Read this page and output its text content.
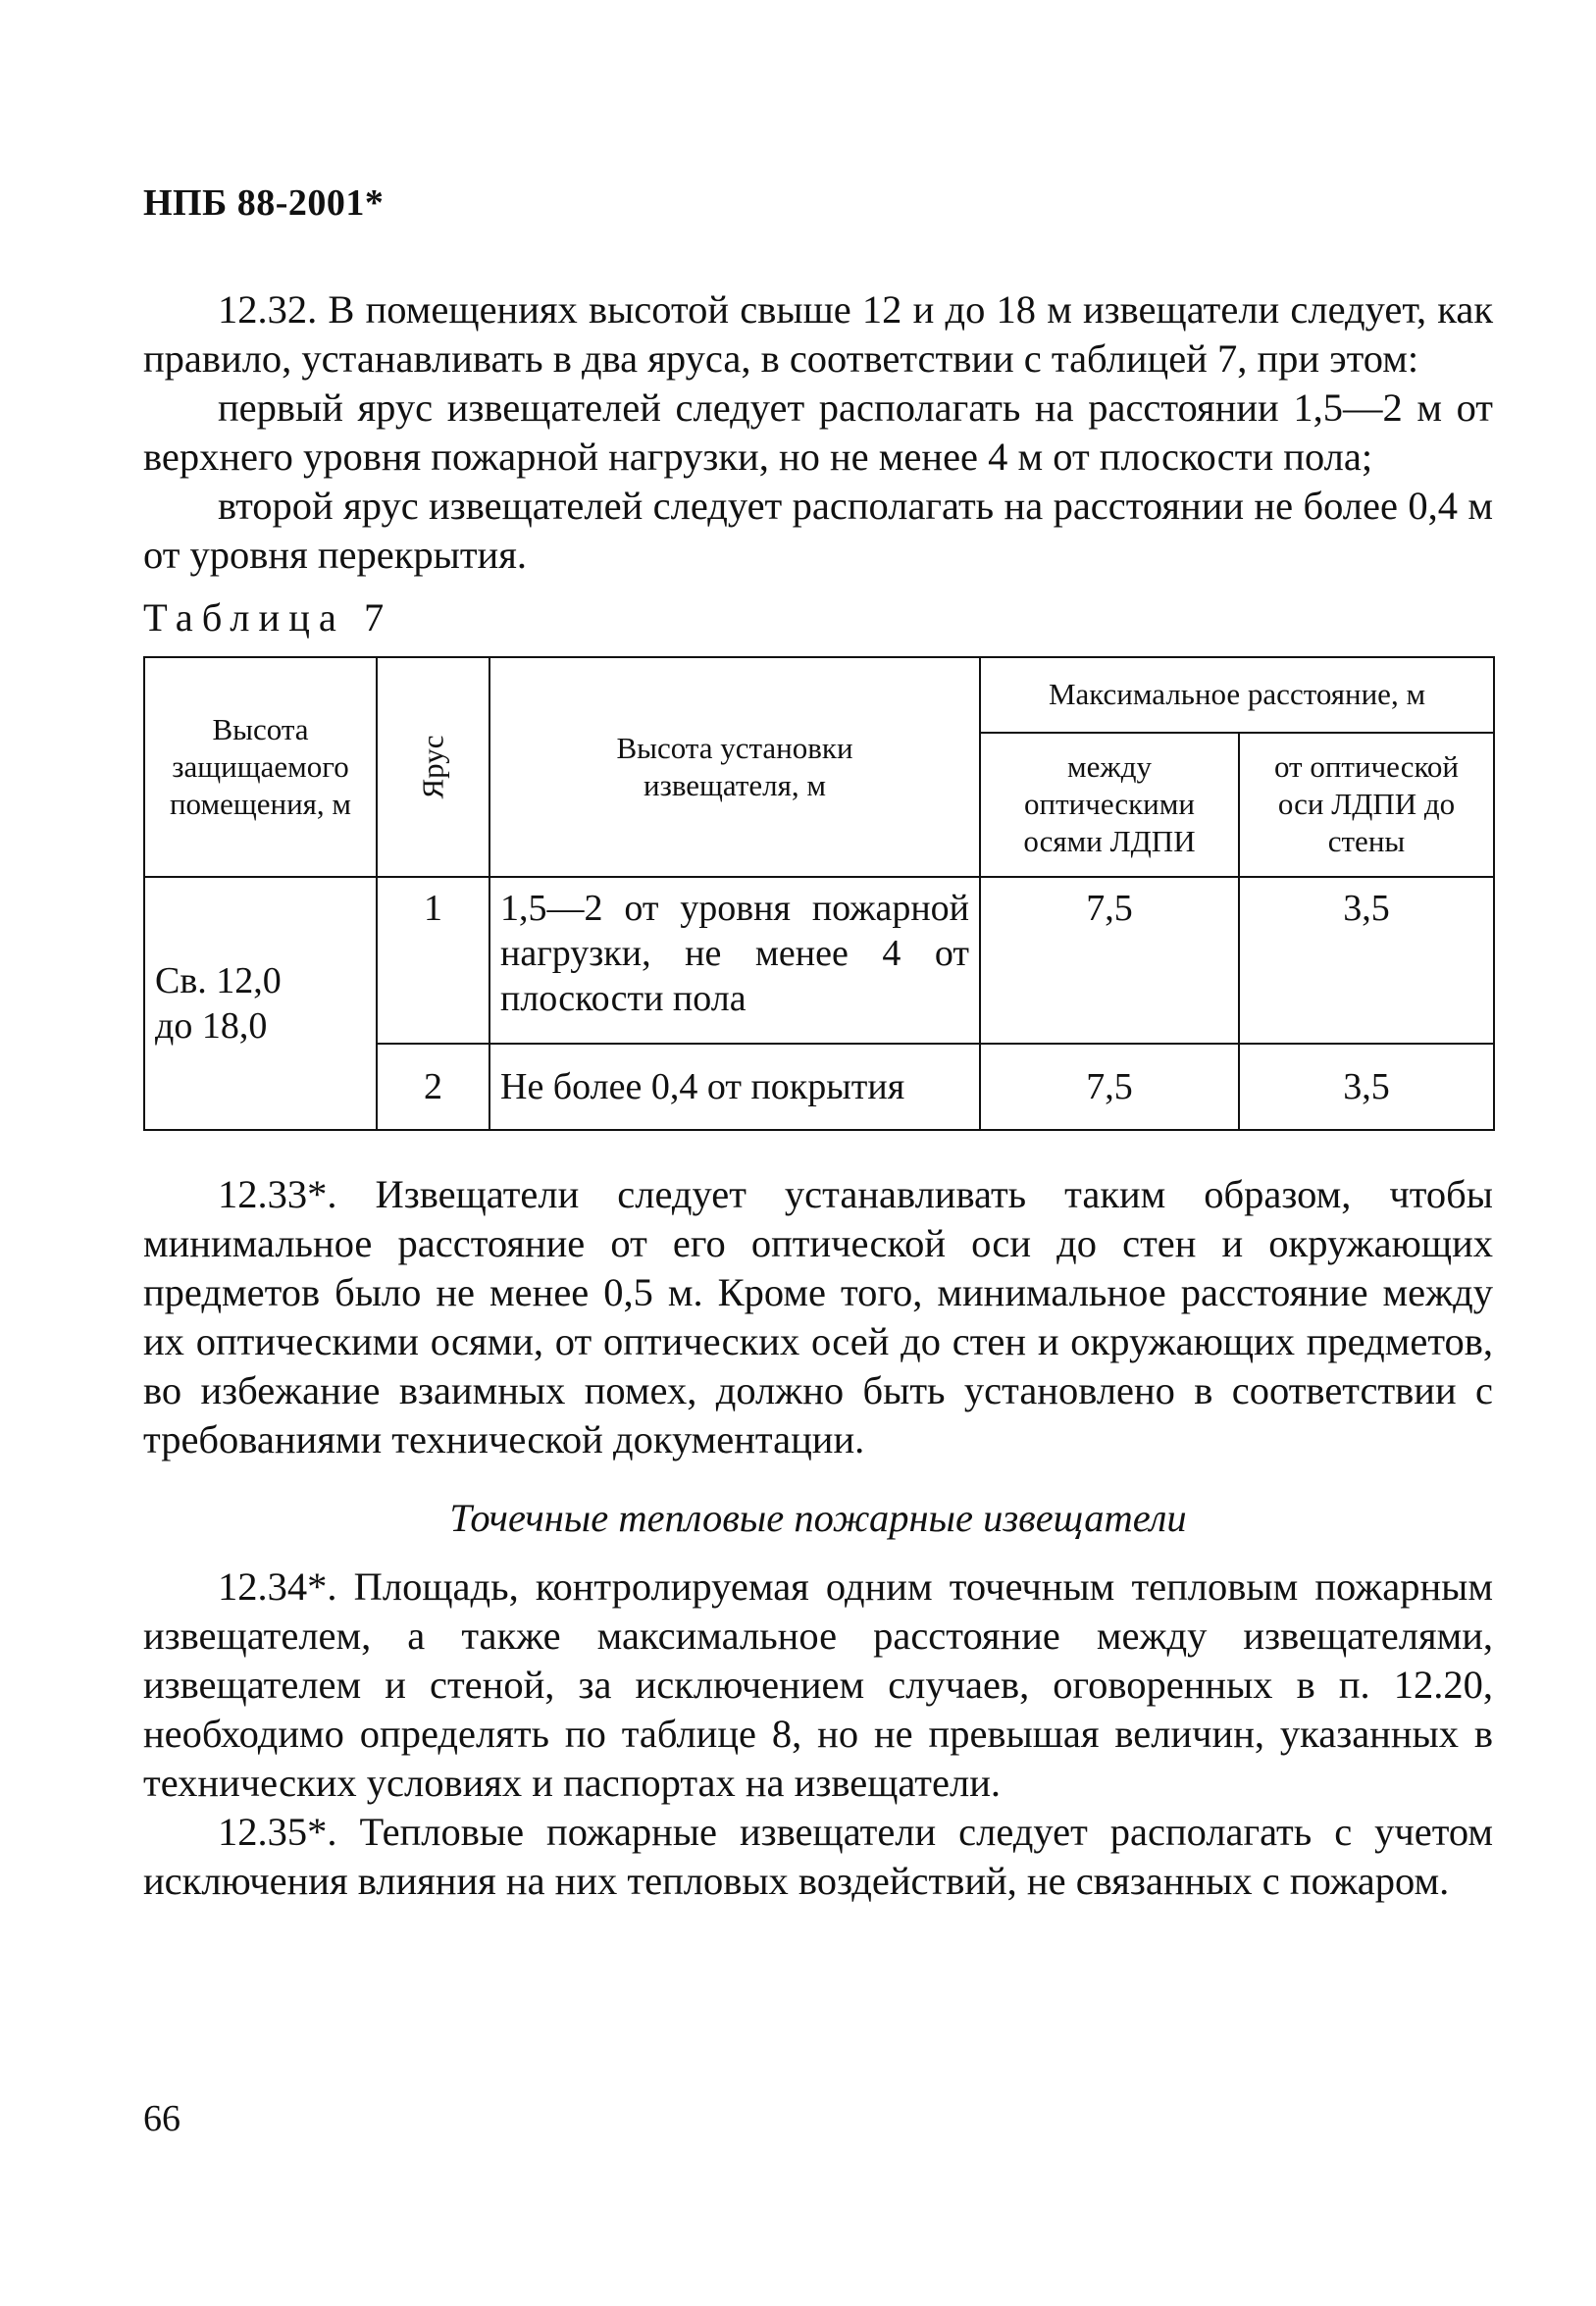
НПБ 88-2001*

12.32. В помещениях высотой свыше 12 и до 18 м извещатели следует, как правило, устанавливать в два яруса, в соответствии с таблицей 7, при этом:

первый ярус извещателей следует располагать на расстоянии 1,5—2 м от верхнего уровня пожарной нагрузки, но не менее 4 м от плоскости пола;

второй ярус извещателей следует располагать на расстоянии не более 0,4 м от уровня перекрытия.

Таблица 7
Высота защищаемого помещения, м	Ярус	Высота установки извещателя, м	Максимальное расстояние, м	
			между оптическими осями ЛДПИ	от оптической оси ЛДПИ до стены

Св. 12,0 до 18,0	1	1,5—2 от уровня пожарной нагрузки, не менее 4 от плоскости пола	7,5	3,5
	2	Не более 0,4 от покрытия	7,5	3,5

12.33*. Извещатели следует устанавливать таким образом, чтобы минимальное расстояние от его оптической оси до стен и окружающих предметов было не менее 0,5 м. Кроме того, минимальное расстояние между их оптическими осями, от оптических осей до стен и окружающих предметов, во избежание взаимных помех, должно быть установлено в соответствии с требованиями технической документации.

Точечные тепловые пожарные извещатели

12.34*. Площадь, контролируемая одним точечным тепловым пожарным извещателем, а также максимальное расстояние между извещателями, извещателем и стеной, за исключением случаев, оговоренных в п. 12.20, необходимо определять по таблице 8, но не превышая величин, указанных в технических условиях и паспортах на извещатели.

12.35*. Тепловые пожарные извещатели следует располагать с учетом исключения влияния на них тепловых воздействий, не связанных с пожаром.

66
